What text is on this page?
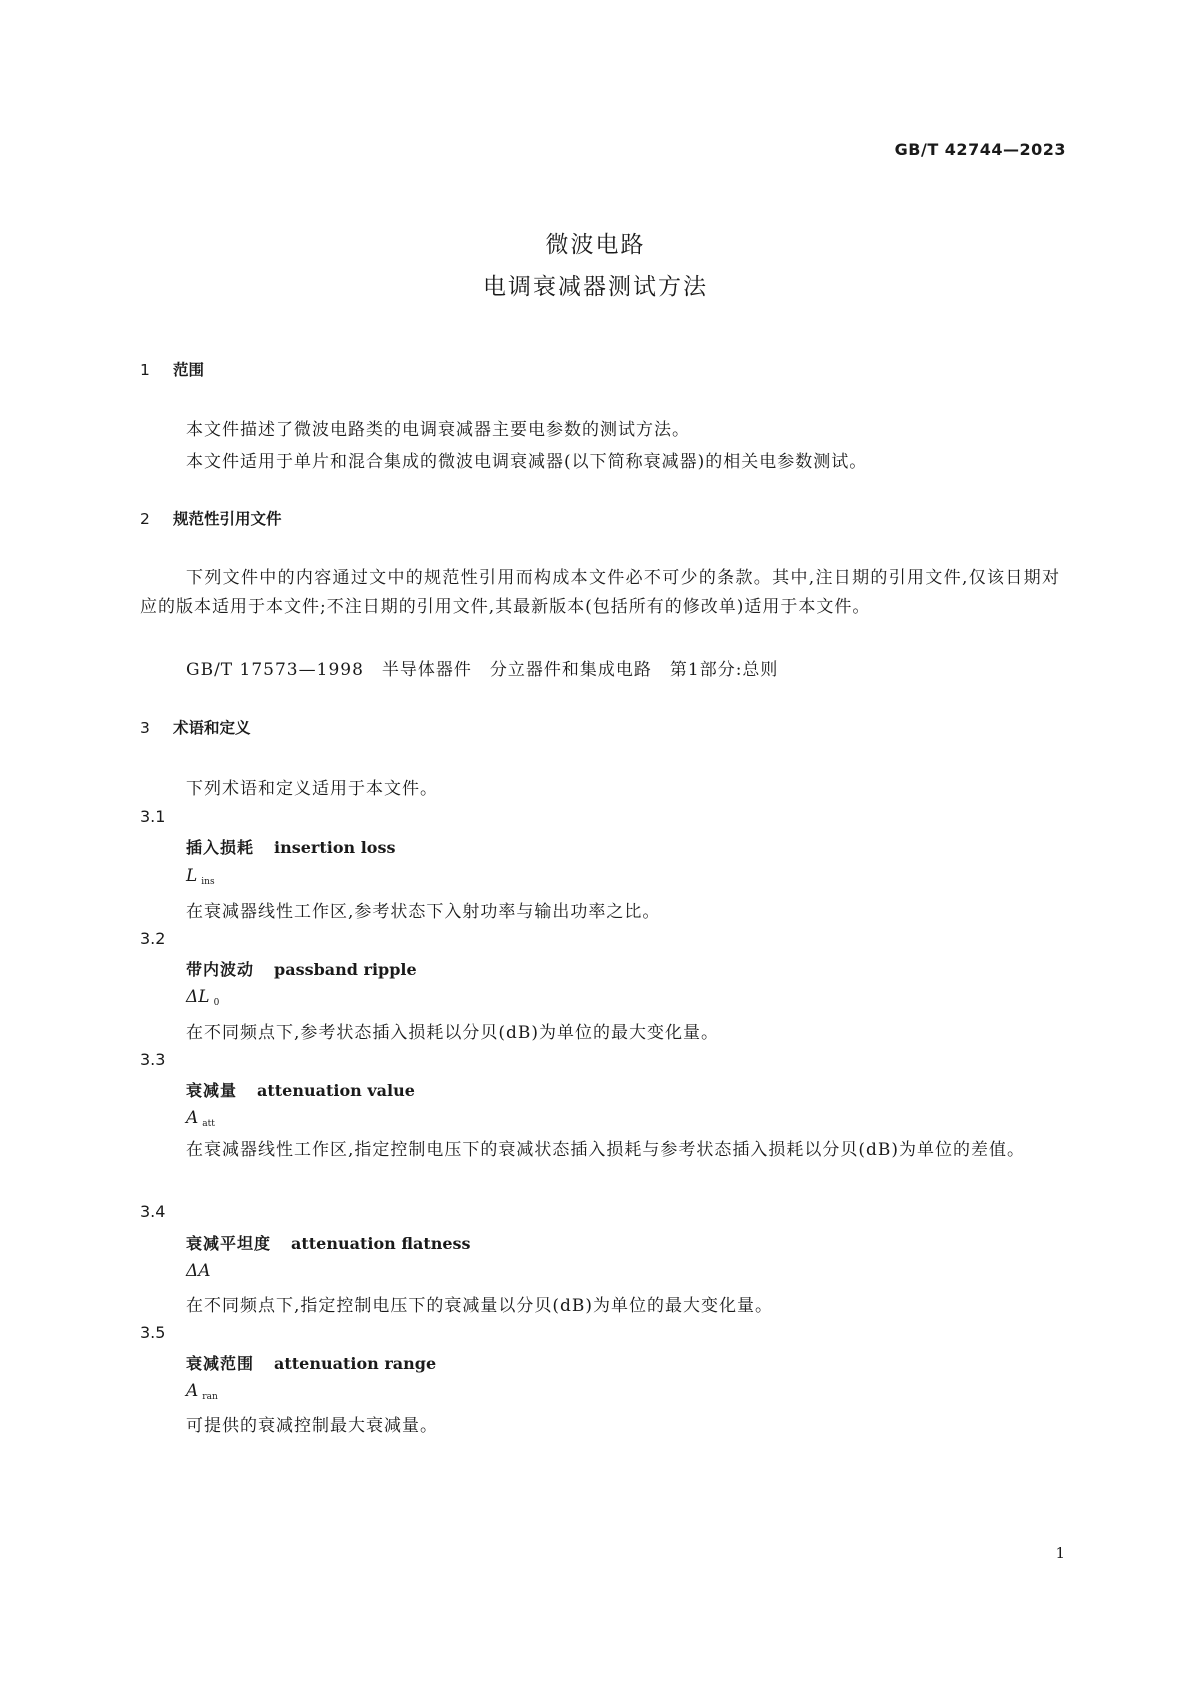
GB/T 42744—2023
微波电路
电调衰减器测试方法
1 范围
本文件描述了微波电路类的电调衰减器主要电参数的测试方法。
本文件适用于单片和混合集成的微波电调衰减器(以下简称衰减器)的相关电参数测试。
2 规范性引用文件
下列文件中的内容通过文中的规范性引用而构成本文件必不可少的条款。其中,注日期的引用文件,仅该日期对应的版本适用于本文件;不注日期的引用文件,其最新版本(包括所有的修改单)适用于本文件。
GB/T 17573—1998　半导体器件　分立器件和集成电路　第1部分:总则
3 术语和定义
下列术语和定义适用于本文件。
3.1
插入损耗 insertion loss
L $_{ins}$
在衰减器线性工作区,参考状态下入射功率与输出功率之比。
3.2
带内波动 passband ripple
ΔL $_0$
在不同频点下,参考状态插入损耗以分贝(dB)为单位的最大变化量。
3.3
衰减量 attenuation value
A $_{att}$
在衰减器线性工作区,指定控制电压下的衰减状态插入损耗与参考状态插入损耗以分贝(dB)为单位的差值。
3.4
衰减平坦度 attenuation flatness
ΔA
在不同频点下,指定控制电压下的衰减量以分贝(dB)为单位的最大变化量。
3.5
衰减范围 attenuation range
A $_{ran}$
可提供的衰减控制最大衰减量。
1
